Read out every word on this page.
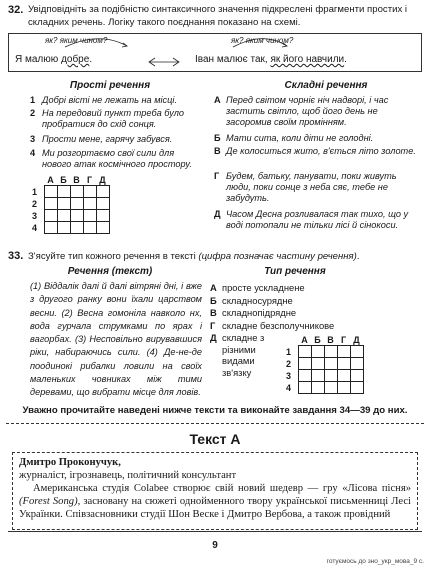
32. Увідповідніть за подібністю синтаксичного значення підкреслені фрагменти простих і складних речень. Логіку такого поєднання показано на схемі.
як? яким чином?	як? яким чином?
Я малюю добре.	Іван малює так, як його навчили.
Прості речення	Складні речення
1 Добрі вісті не лежать на місці.
2 На передовий пункт треба було пробратися до схід сонця.
3 Прости мене, гарячу забувся.
4 Ми розгортаємо свої сили для нового атак космічного простору.
А Перед світом чорніє ніч надворі, і час застить світло, щоб його день не засоромив своїм промінням.
Б Мати сита, коли діти не голодні.
В Де колоситься жито, в'ється літо золоте.
Г Будем, батьку, панувати, поки живуть люди, поки сонце з неба сяє, тебе не забудуть.
Д Часом Десна розливалася так тихо, що у воді потопали не тільки лісі й сінокоси.
	А	Б	В	Г	Д
1					
2					
3					
4					
33. З'ясуйте тип кожного речення в тексті (цифра позначає частину речення).
Речення (текст)	Тип речення
(1) Віддалік далі й далі вітряні дні, і вже з другого ранку вони їхали царством весни. (2) Весна гомоніла навколо нх, вода гурчала струмками по ярах і вагорбах. (3) Несповільно вирувавшися ріки, набираючись сили. (4) Де-не-де поодинокі рибалки ловили на своїх маленьких човниках між тими деревами, що вибрати місце для ловів.
А просте ускладнене
Б складносурядне
В складнопідрядне
Г складне безсполучникове
Д складне з різними видами зв'язку
	А	Б	В	Г	Д
1					
2					
3					
4					
Уважно прочитайте наведені нижче тексти та виконайте завдання 34—39 до них.
Текст А
Дмитро Проконучук,
журналіст, ігрознавець, політичний консультант
Американська студія Colabee створює свій новий шедевр — гру «Лісова пісня» (Forest Song), засновану на сюжеті однойменного твору української письменниці Лесі Українки. Співзасновники студії Шон Веске і Дмитро Вербова, а також провідний
9
готуємось до зно_укр_мова_9 с.
